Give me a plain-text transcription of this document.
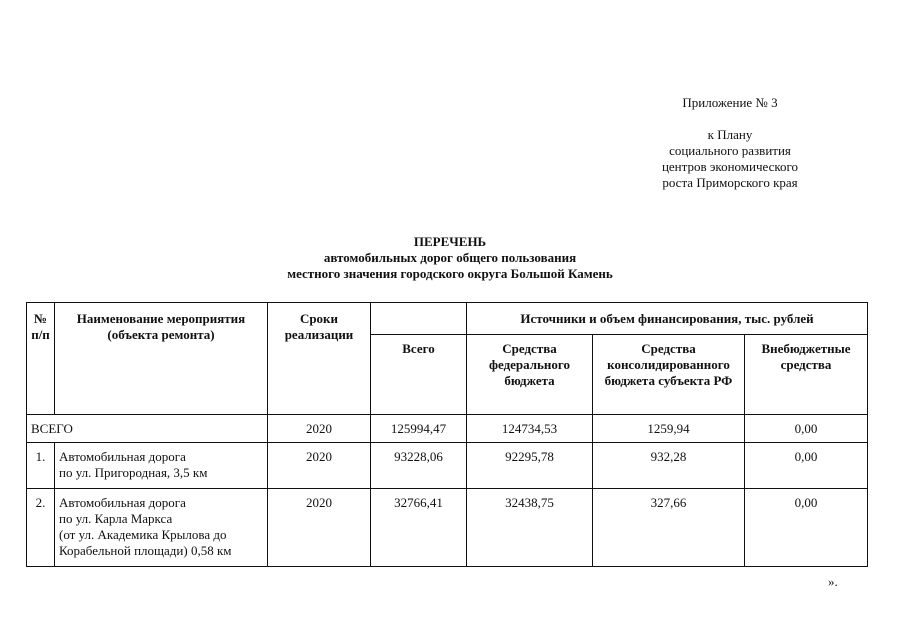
Приложение № 3
к Плану
социального развития
центров экономического
роста Приморского края
ПЕРЕЧЕНЬ
автомобильных дорог общего пользования
местного значения городского округа Большой Камень
№ п/п	Наименование мероприятия (объекта ремонта)	Сроки реализации		Источники и объем финансирования, тыс. рублей		
			Всего	Средства федерального бюджета	Средства консолидированного бюджета субъекта РФ	Внебюджетные средства
ВСЕГО		2020	125994,47	124734,53	1259,94	0,00
1.	Автомобильная дорога
по ул. Пригородная, 3,5 км	2020	93228,06	92295,78	932,28	0,00
2.	Автомобильная дорога
по ул. Карла Маркса
(от ул. Академика Крылова до
Корабельной площади) 0,58 км	2020	32766,41	32438,75	327,66	0,00
».
